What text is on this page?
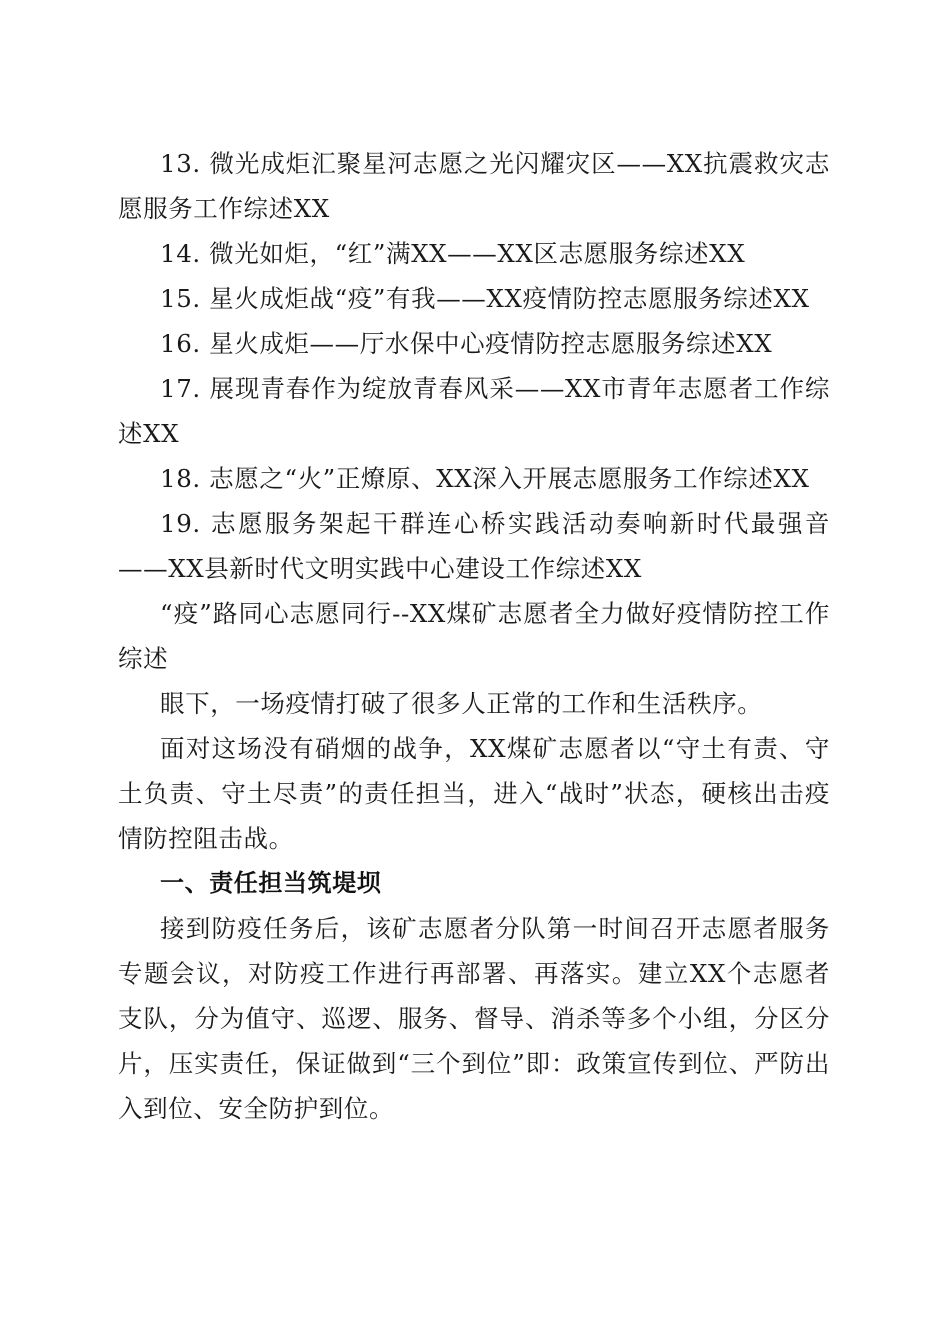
13. 微光成炬汇聚星河志愿之光闪耀灾区——XX抗震救灾志愿服务工作综述XX

14. 微光如炬，“红”满XX——XX区志愿服务综述XX

15. 星火成炬战“疫”有我——XX疫情防控志愿服务综述XX

16. 星火成炬——厅水保中心疫情防控志愿服务综述XX

17. 展现青春作为绽放青春风采——XX市青年志愿者工作综述XX

18. 志愿之“火”正燎原、XX深入开展志愿服务工作综述XX

19. 志愿服务架起干群连心桥实践活动奏响新时代最强音——XX县新时代文明实践中心建设工作综述XX

“疫”路同心志愿同行--XX煤矿志愿者全力做好疫情防控工作综述

眼下，一场疫情打破了很多人正常的工作和生活秩序。

面对这场没有硝烟的战争，XX煤矿志愿者以“守土有责、守土负责、守土尽责”的责任担当，进入“战时”状态，硬核出击疫情防控阻击战。

一、责任担当筑堤坝

接到防疫任务后，该矿志愿者分队第一时间召开志愿者服务专题会议，对防疫工作进行再部署、再落实。建立XX个志愿者支队，分为值守、巡逻、服务、督导、消杀等多个小组，分区分片，压实责任，保证做到“三个到位”即：政策宣传到位、严防出入到位、安全防护到位。
